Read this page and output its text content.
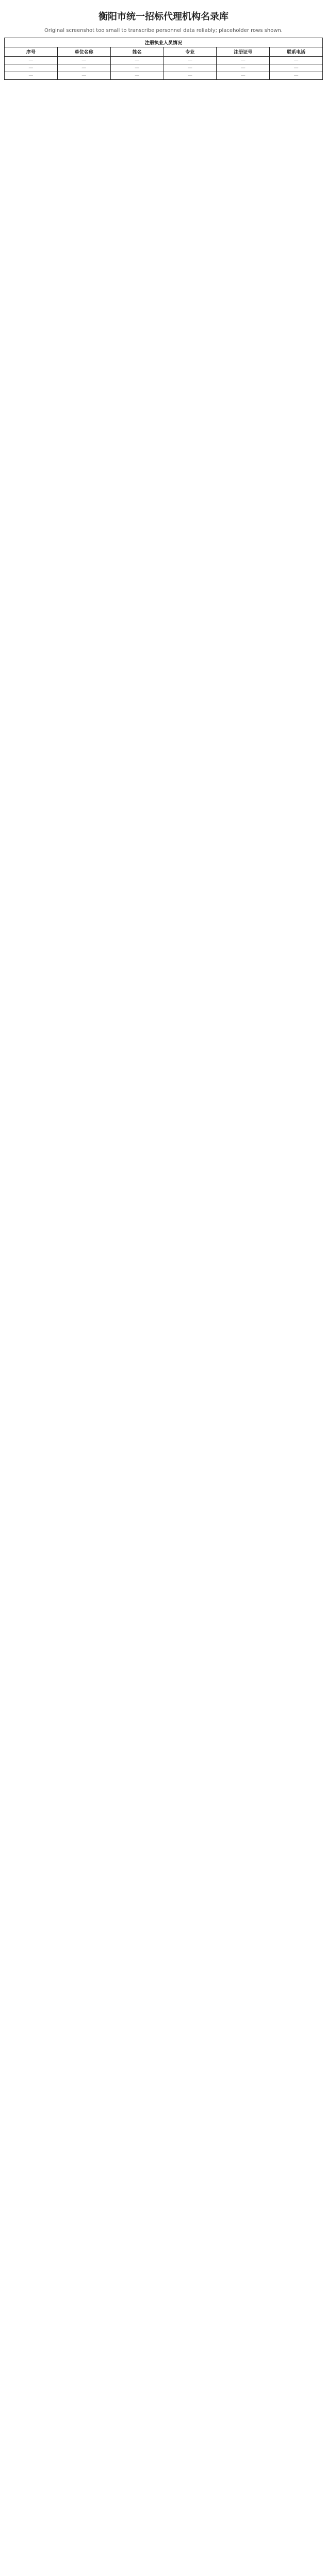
衡阳市统一招标代理机构名录库
Original screenshot too small to transcribe personnel data reliably; placeholder rows shown.
注册执业人员情况					
序号	单位名称	姓名	专业	注册证号	联系电话
—	—	—	—	—	—
—	—	—	—	—	—
—	—	—	—	—	—
